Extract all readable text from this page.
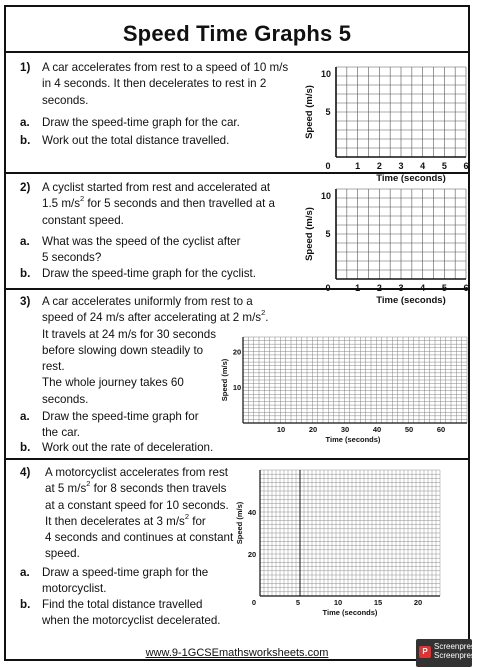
Speed Time Graphs 5
1) A car accelerates from rest to a speed of 10 m/s
in 4 seconds. It then decelerates to rest in 2
seconds.
a. Draw the speed-time graph for the car.
b. Work out the total distance travelled.
0	1 2 3 4 5 6
5
10
Time (seconds)
Speed (m/s)
2) A cyclist started from rest and accelerated at
1.5 $m/s^2$ for 5 seconds and then travelled at a
constant speed.
a. What was the speed of the cyclist after
5 seconds?
b. Draw the speed-time graph for the cyclist.
0	1 2 3 4 5 6
5
10
Time (seconds)
Speed (m/s)
3) A car accelerates uniformly from rest to a
speed of 24 m/s after accelerating at 2 $m/s^2$.
It travels at 24 m/s for 30 seconds
before slowing down steadily to
rest.
The whole journey takes 60
seconds.
a. Draw the speed-time graph for
the car.
b. Work out the rate of deceleration.
10	20	30	40	50	60
10
20
Time (seconds)
Speed (m/s)
4) A motorcyclist accelerates from rest
at 5 $m/s^2$ for 8 seconds then travels
at a constant speed for 10 seconds.
It then decelerates at 3 $m/s^2$ for
4 seconds and continues at constant
speed.
a. Draw a speed-time graph for the
motorcyclist.
b. Find the total distance travelled
when the motorcyclist decelerated.
0	5	10	15	20
20
40
Time (seconds)
Speed (m/s)
www.9-1GCSEmathsworksheets.com	P
Screenpresso
Screenpresso
